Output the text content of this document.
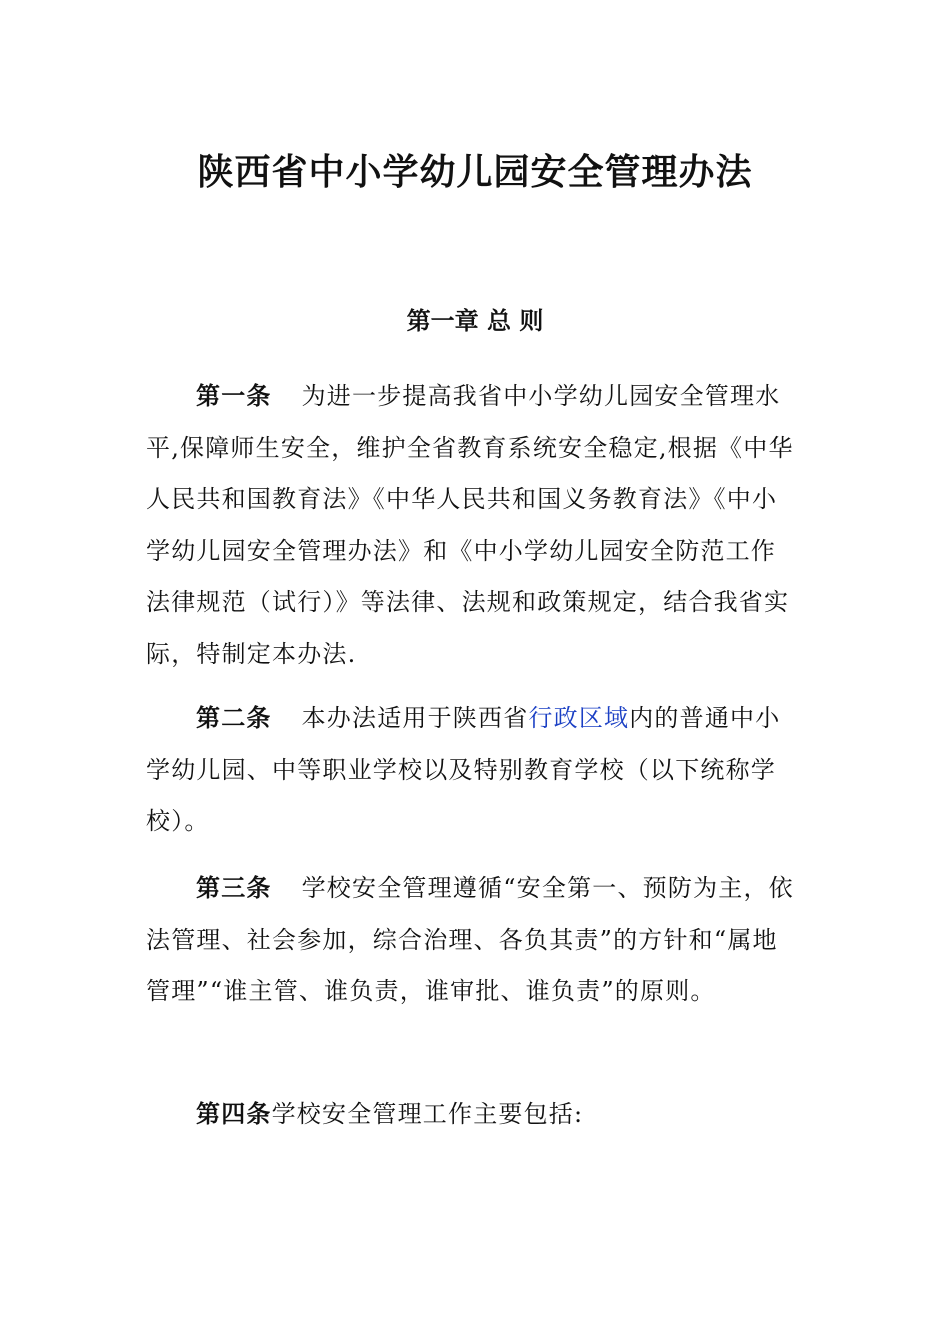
陕西省中小学幼儿园安全管理办法
第一章 总 则

第一条 为进一步提高我省中小学幼儿园安全管理水平,保障师生安全，维护全省教育系统安全稳定,根据《中华人民共和国教育法》《中华人民共和国义务教育法》《中小学幼儿园安全管理办法》和《中小学幼儿园安全防范工作法律规范（试行）》等法律、法规和政策规定，结合我省实际，特制定本办法.

第二条 本办法适用于陕西省行政区域内的普通中小学幼儿园、中等职业学校以及特别教育学校（以下统称学校）。

第三条 学校安全管理遵循“安全第一、预防为主，依法管理、社会参加，综合治理、各负其责”的方针和“属地管理”“谁主管、谁负责，谁审批、谁负责”的原则。

第四条学校安全管理工作主要包括:
